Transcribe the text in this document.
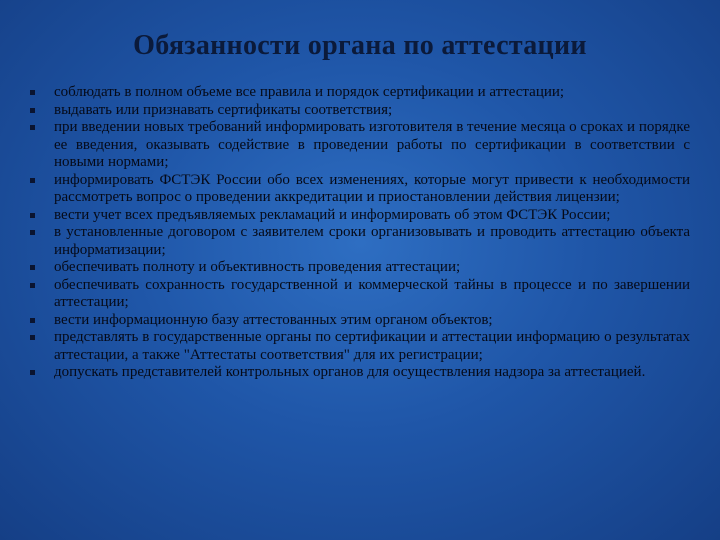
Обязанности органа по аттестации
соблюдать в полном объеме все правила и порядок сертификации и аттестации;
выдавать или признавать сертификаты соответствия;
при введении новых требований информировать изготовителя в течение месяца о сроках и порядке ее введения, оказывать содействие в проведении работы по сертификации в соответствии с новыми нормами;
информировать ФСТЭК России обо всех изменениях, которые могут привести к необходимости рассмотреть вопрос о проведении аккредитации и приостановлении действия лицензии;
вести учет всех предъявляемых рекламаций и информировать об этом ФСТЭК России;
в установленные договором с заявителем сроки организовывать и проводить аттестацию объекта информатизации;
обеспечивать полноту и объективность проведения аттестации;
обеспечивать сохранность государственной и коммерческой тайны в процессе и по завершении аттестации;
вести информационную базу аттестованных этим органом объектов;
представлять в государственные органы по сертификации и аттестации информацию о результатах аттестации, а также "Аттестаты соответствия" для их регистрации;
допускать представителей контрольных органов для осуществления надзора за аттестацией.
